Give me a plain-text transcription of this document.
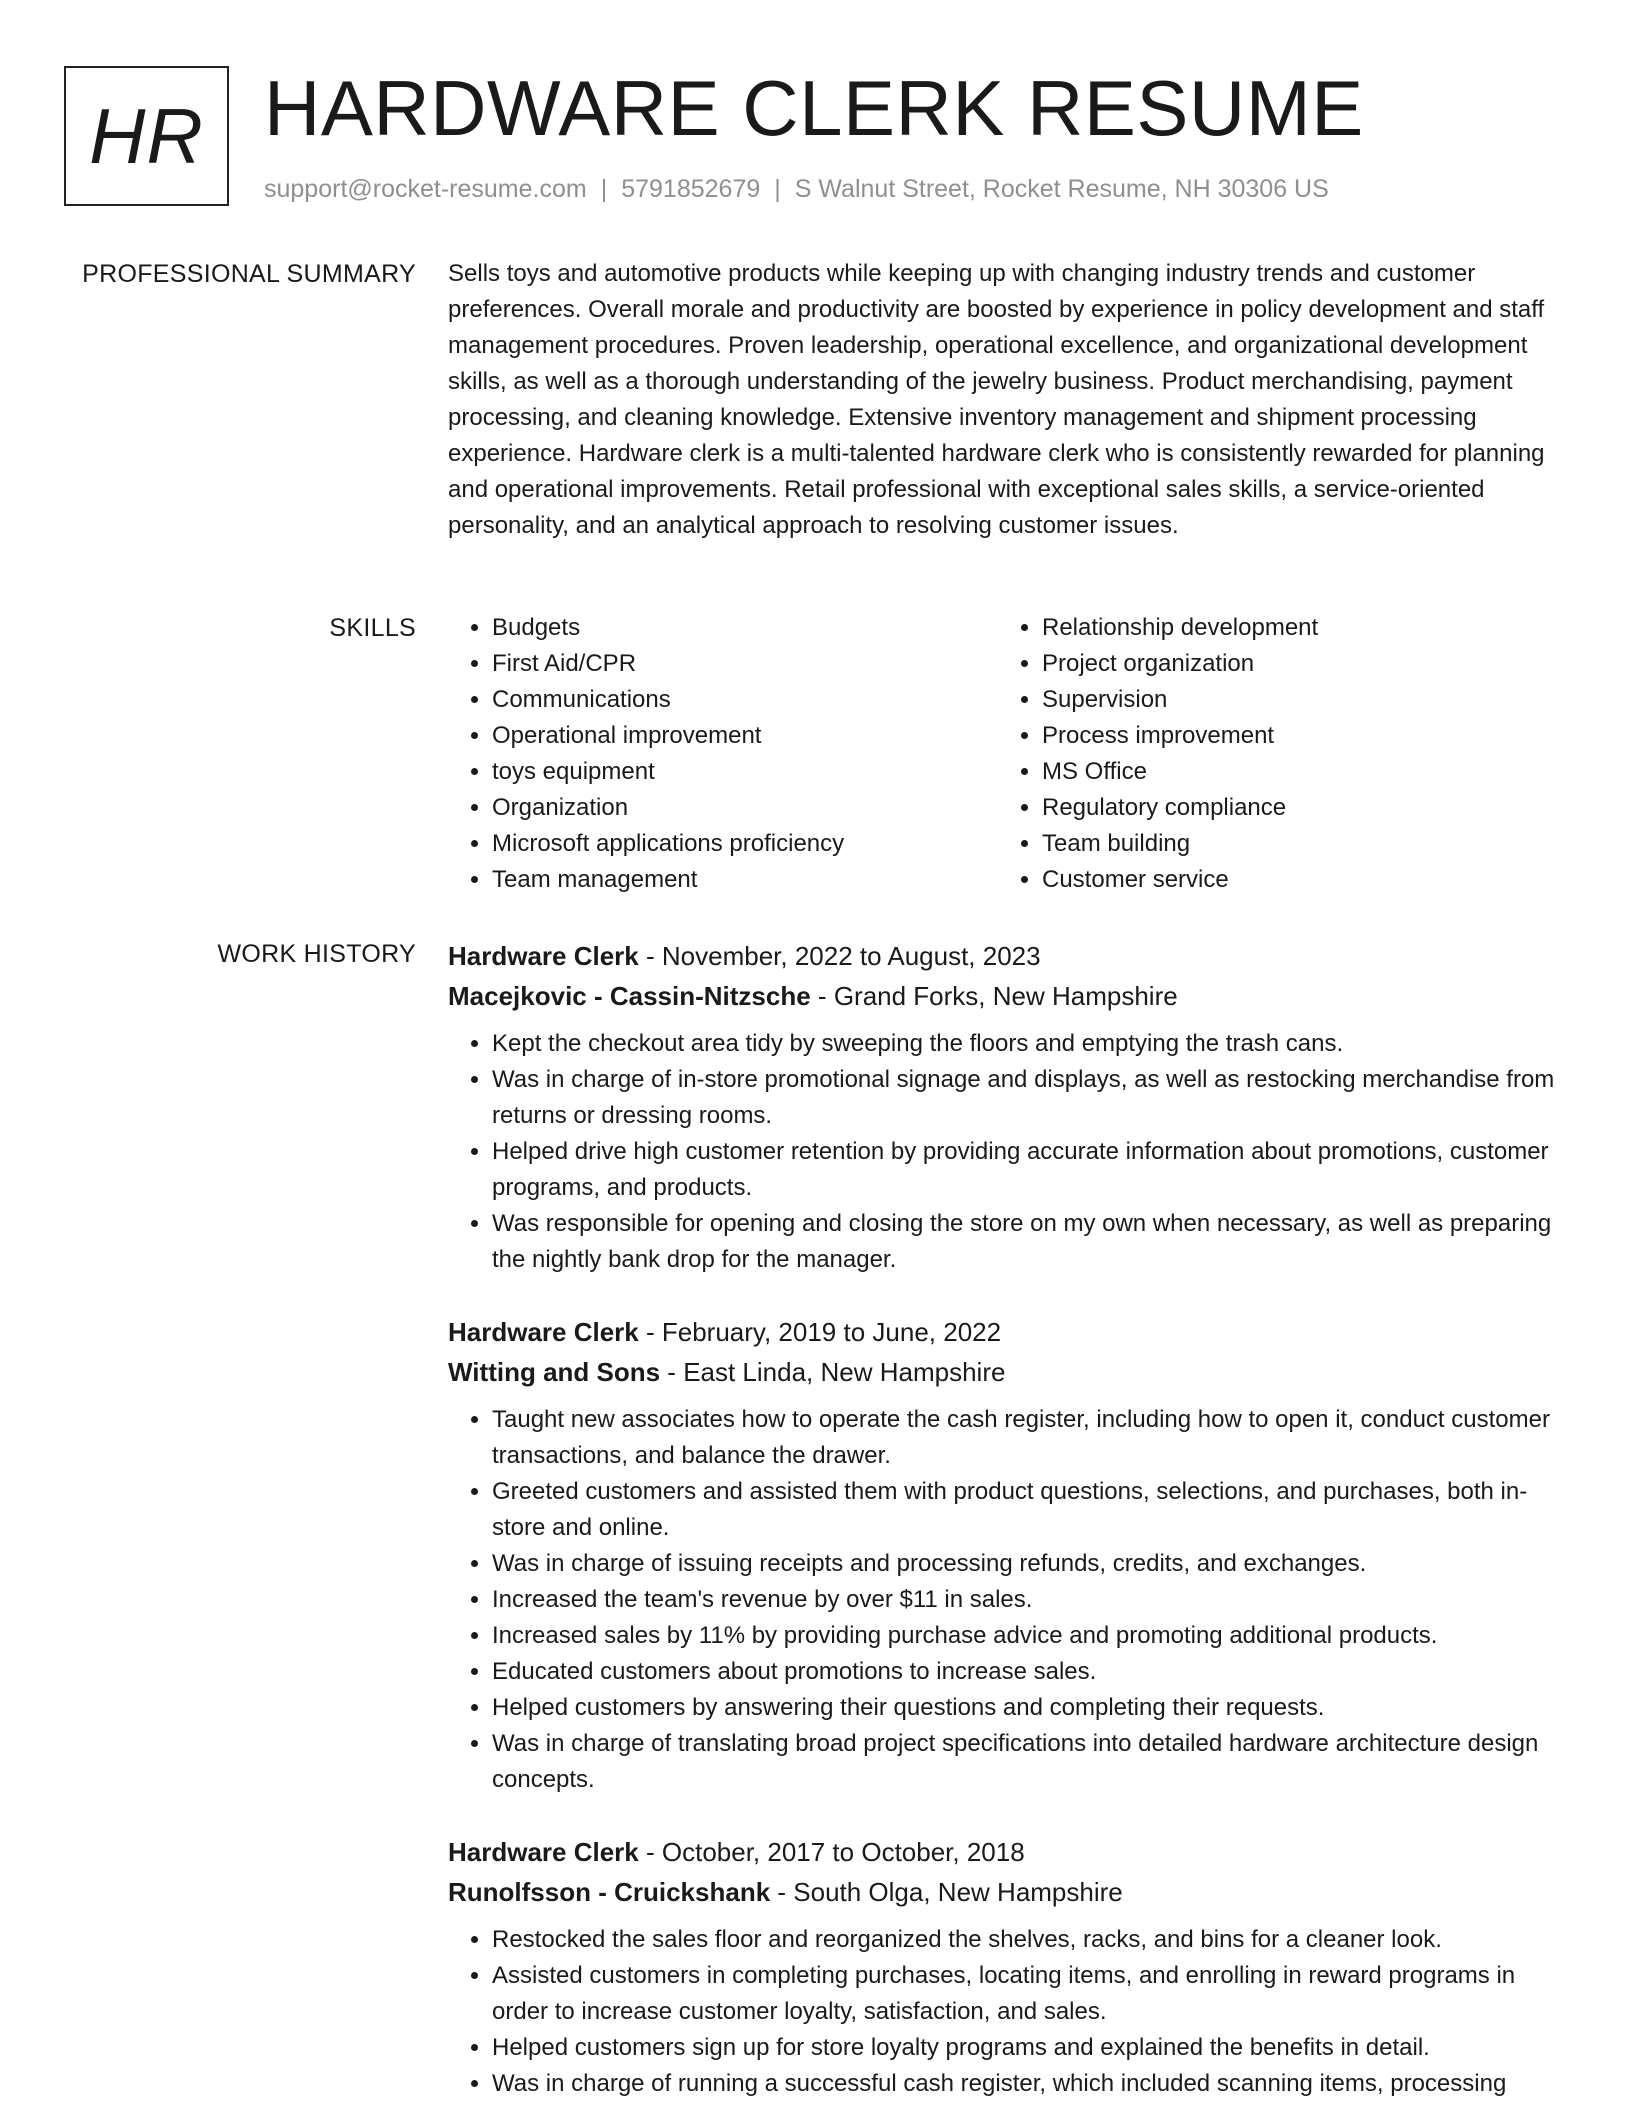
HR HARDWARE CLERK RESUME
support@rocket-resume.com | 5791852679 | S Walnut Street, Rocket Resume, NH 30306 US
PROFESSIONAL SUMMARY Sells toys and automotive products while keeping up with changing industry trends and customer preferences. Overall morale and productivity are boosted by experience in policy development and staff management procedures. Proven leadership, operational excellence, and organizational development skills, as well as a thorough understanding of the jewelry business. Product merchandising, payment processing, and cleaning knowledge. Extensive inventory management and shipment processing experience. Hardware clerk is a multi-talented hardware clerk who is consistently rewarded for planning and operational improvements. Retail professional with exceptional sales skills, a service-oriented personality, and an analytical approach to resolving customer issues.

SKILLS
•	Budgets
• First Aid/CPR
• Communications
• Operational improvement
• toys equipment
• Organization
• Microsoft applications proficiency
• Team management
• Relationship development
• Project organization
• Supervision
• Process improvement
• MS Office
• Regulatory compliance
• Team building
• Customer service
WORK HISTORY Hardware Clerk - November, 2022 to August, 2023
Macejkovic - Cassin-Nitzsche - Grand Forks, New Hampshire
• Kept the checkout area tidy by sweeping the floors and emptying the trash cans.
• Was in charge of in-store promotional signage and displays, as well as restocking merchandise from returns or dressing rooms.
• Helped drive high customer retention by providing accurate information about promotions, customer programs, and products.
• Was responsible for opening and closing the store on my own when necessary, as well as preparing the nightly bank drop for the manager.
Hardware Clerk - February, 2019 to June, 2022
Witting and Sons - East Linda, New Hampshire
• Taught new associates how to operate the cash register, including how to open it, conduct customer transactions, and balance the drawer.
• Greeted customers and assisted them with product questions, selections, and purchases, both in-store and online.
• Was in charge of issuing receipts and processing refunds, credits, and exchanges.
• Increased the team's revenue by over $11 in sales.
• Increased sales by 11% by providing purchase advice and promoting additional products.
• Educated customers about promotions to increase sales.
• Helped customers by answering their questions and completing their requests.
• Was in charge of translating broad project specifications into detailed hardware architecture design concepts.
Hardware Clerk - October, 2017 to October, 2018
Runolfsson - Cruickshank - South Olga, New Hampshire
• Restocked the sales floor and reorganized the shelves, racks, and bins for a cleaner look.
• Assisted customers in completing purchases, locating items, and enrolling in reward programs in order to increase customer loyalty, satisfaction, and sales.
• Helped customers sign up for store loyalty programs and explained the benefits in detail.
• Was in charge of running a successful cash register, which included scanning items, processing
